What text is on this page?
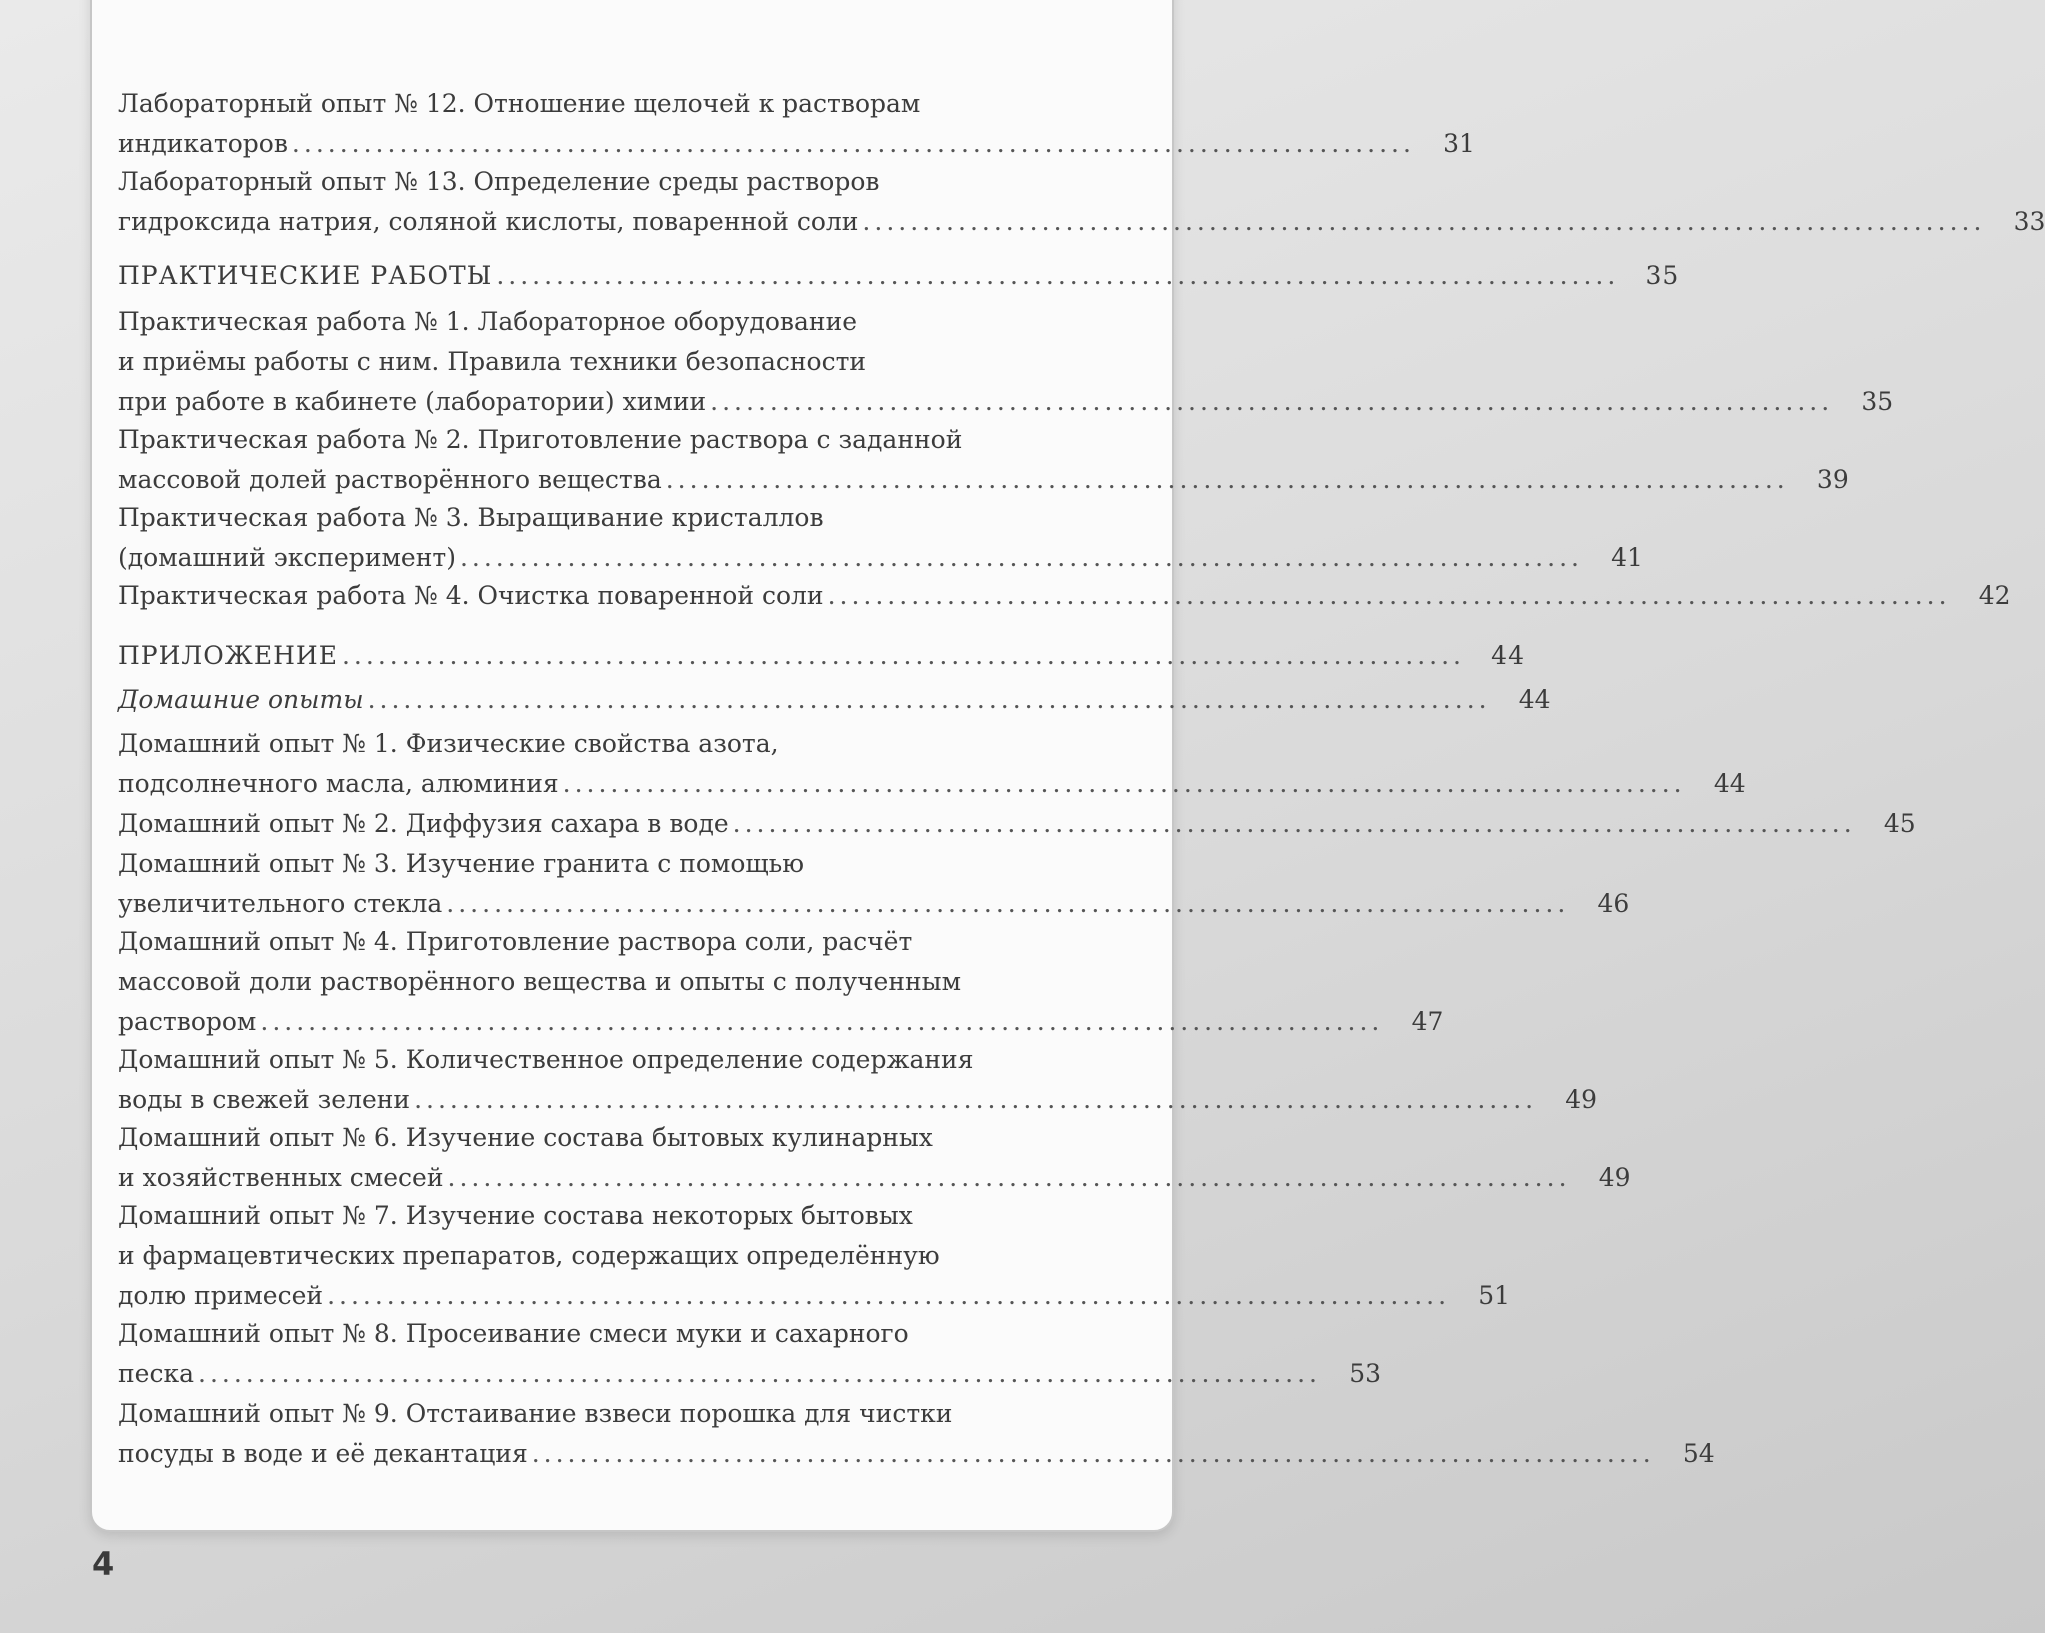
Лабораторный опыт № 12. Отношение щелочей к растворам
индикаторов ..............................................................................................	31
Лабораторный опыт № 13. Определение среды растворов
гидроксида натрия, соляной кислоты, поваренной соли ..............................................................................................	33
ПРАКТИЧЕСКИЕ РАБОТЫ ..............................................................................................	35
Практическая работа № 1. Лабораторное оборудование
и приёмы работы с ним. Правила техники безопасности
при работе в кабинете (лаборатории) химии ..............................................................................................	35
Практическая работа № 2. Приготовление раствора с заданной
массовой долей растворённого вещества ..............................................................................................	39
Практическая работа № 3. Выращивание кристаллов
(домашний эксперимент) ..............................................................................................	41
Практическая работа № 4. Очистка поваренной соли ..............................................................................................	42
ПРИЛОЖЕНИЕ ..............................................................................................	44
Домашние опыты ..............................................................................................	44
Домашний опыт № 1. Физические свойства азота,
подсолнечного масла, алюминия ..............................................................................................	44
Домашний опыт № 2. Диффузия сахара в воде ..............................................................................................	45
Домашний опыт № 3. Изучение гранита с помощью
увеличительного стекла ..............................................................................................	46
Домашний опыт № 4. Приготовление раствора соли, расчёт
массовой доли растворённого вещества и опыты с полученным
раствором ..............................................................................................	47
Домашний опыт № 5. Количественное определение содержания
воды в свежей зелени ..............................................................................................	49
Домашний опыт № 6. Изучение состава бытовых кулинарных
и хозяйственных смесей ..............................................................................................	49
Домашний опыт № 7. Изучение состава некоторых бытовых
и фармацевтических препаратов, содержащих определённую
долю примесей ..............................................................................................	51
Домашний опыт № 8. Просеивание смеси муки и сахарного
песка ..............................................................................................	53
Домашний опыт № 9. Отстаивание взвеси порошка для чистки
посуды в воде и её декантация ..............................................................................................	54
4
